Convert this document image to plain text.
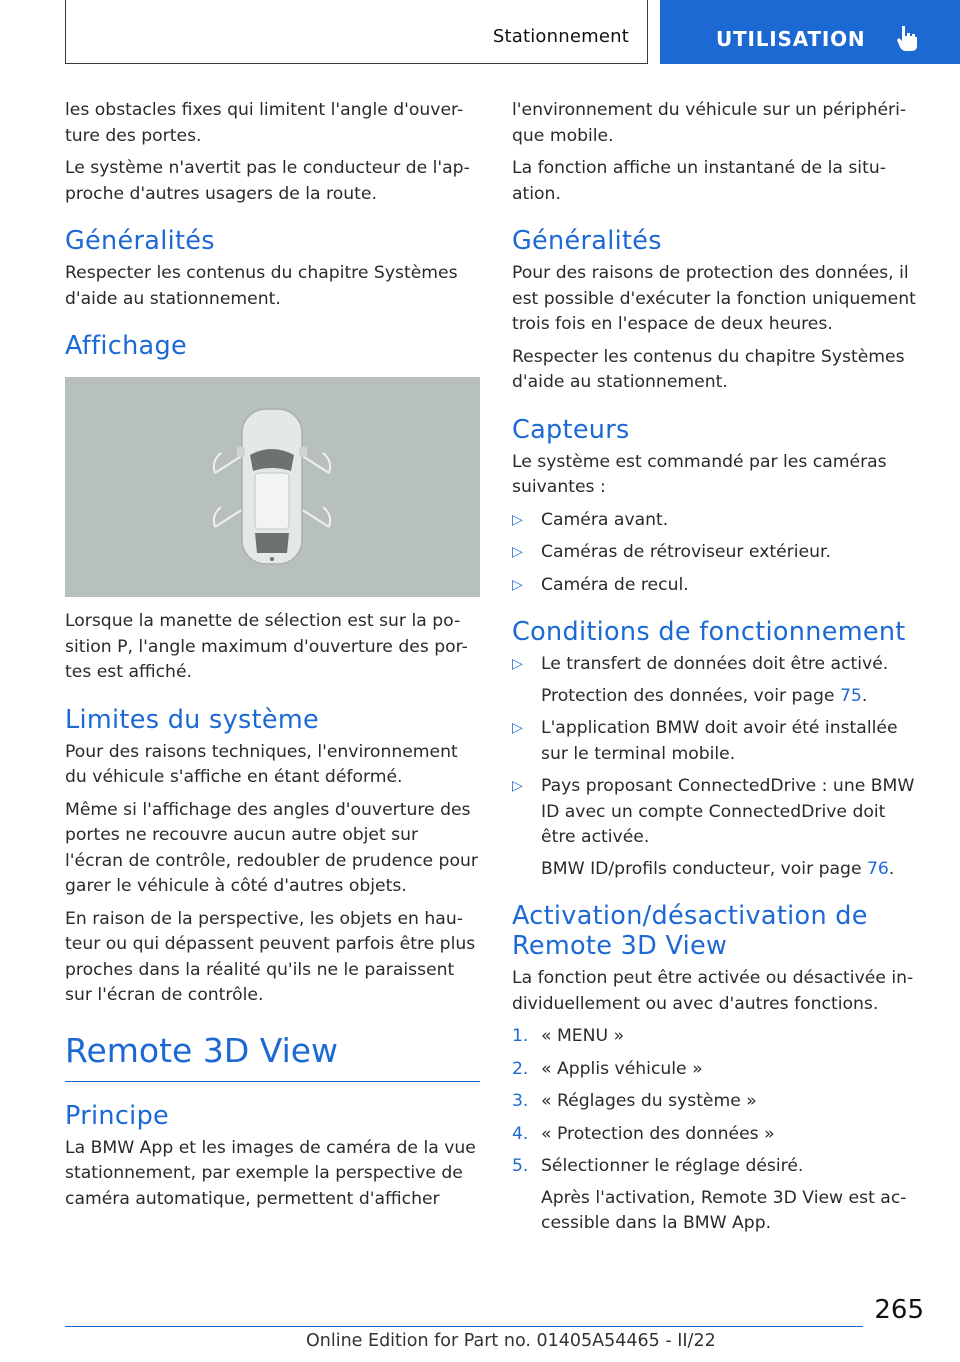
Stationnement	UTILISATION

les obstacles fixes qui limitent l'angle d'ouver-ture des portes.

Le système n'avertit pas le conducteur de l'ap-proche d'autres usagers de la route.

Généralités

Respecter les contenus du chapitre Systèmes d'aide au stationnement.

Affichage

Lorsque la manette de sélection est sur la po-sition P, l'angle maximum d'ouverture des por-tes est affiché.

Limites du système

Pour des raisons techniques, l'environnement du véhicule s'affiche en étant déformé.

Même si l'affichage des angles d'ouverture des portes ne recouvre aucun autre objet sur l'écran de contrôle, redoubler de prudence pour garer le véhicule à côté d'autres objets.

En raison de la perspective, les objets en hau-teur ou qui dépassent peuvent parfois être plus proches dans la réalité qu'ils ne le paraissent sur l'écran de contrôle.

Remote 3D View
Principe

La BMW App et les images de caméra de la vue stationnement, par exemple la perspective de caméra automatique, permettent d'afficher

l'environnement du véhicule sur un périphéri-que mobile.

La fonction affiche un instantané de la situ-ation.

Généralités

Pour des raisons de protection des données, il est possible d'exécuter la fonction uniquement trois fois en l'espace de deux heures.

Respecter les contenus du chapitre Systèmes d'aide au stationnement.

Capteurs

Le système est commandé par les caméras suivantes :

▷ Caméra avant.
▷ Caméras de rétroviseur extérieur.
▷ Caméra de recul.
Conditions de fonctionnement
▷ Le transfert de données doit être activé.
Protection des données, voir page 75.
▷ L'application BMW doit avoir été installée sur le terminal mobile.
▷ Pays proposant ConnectedDrive : une BMW ID avec un compte ConnectedDrive doit être activée.
BMW ID/profils conducteur, voir page 76.
Activation/désactivation de Remote 3D View

La fonction peut être activée ou désactivée in-dividuellement ou avec d'autres fonctions.

1. « MENU »
2. « Applis véhicule »
3. « Réglages du système »
4. « Protection des données »
5. Sélectionner le réglage désiré.
Après l'activation, Remote 3D View est ac-cessible dans la BMW App.
265
Online Edition for Part no. 01405A54465 - II/22
